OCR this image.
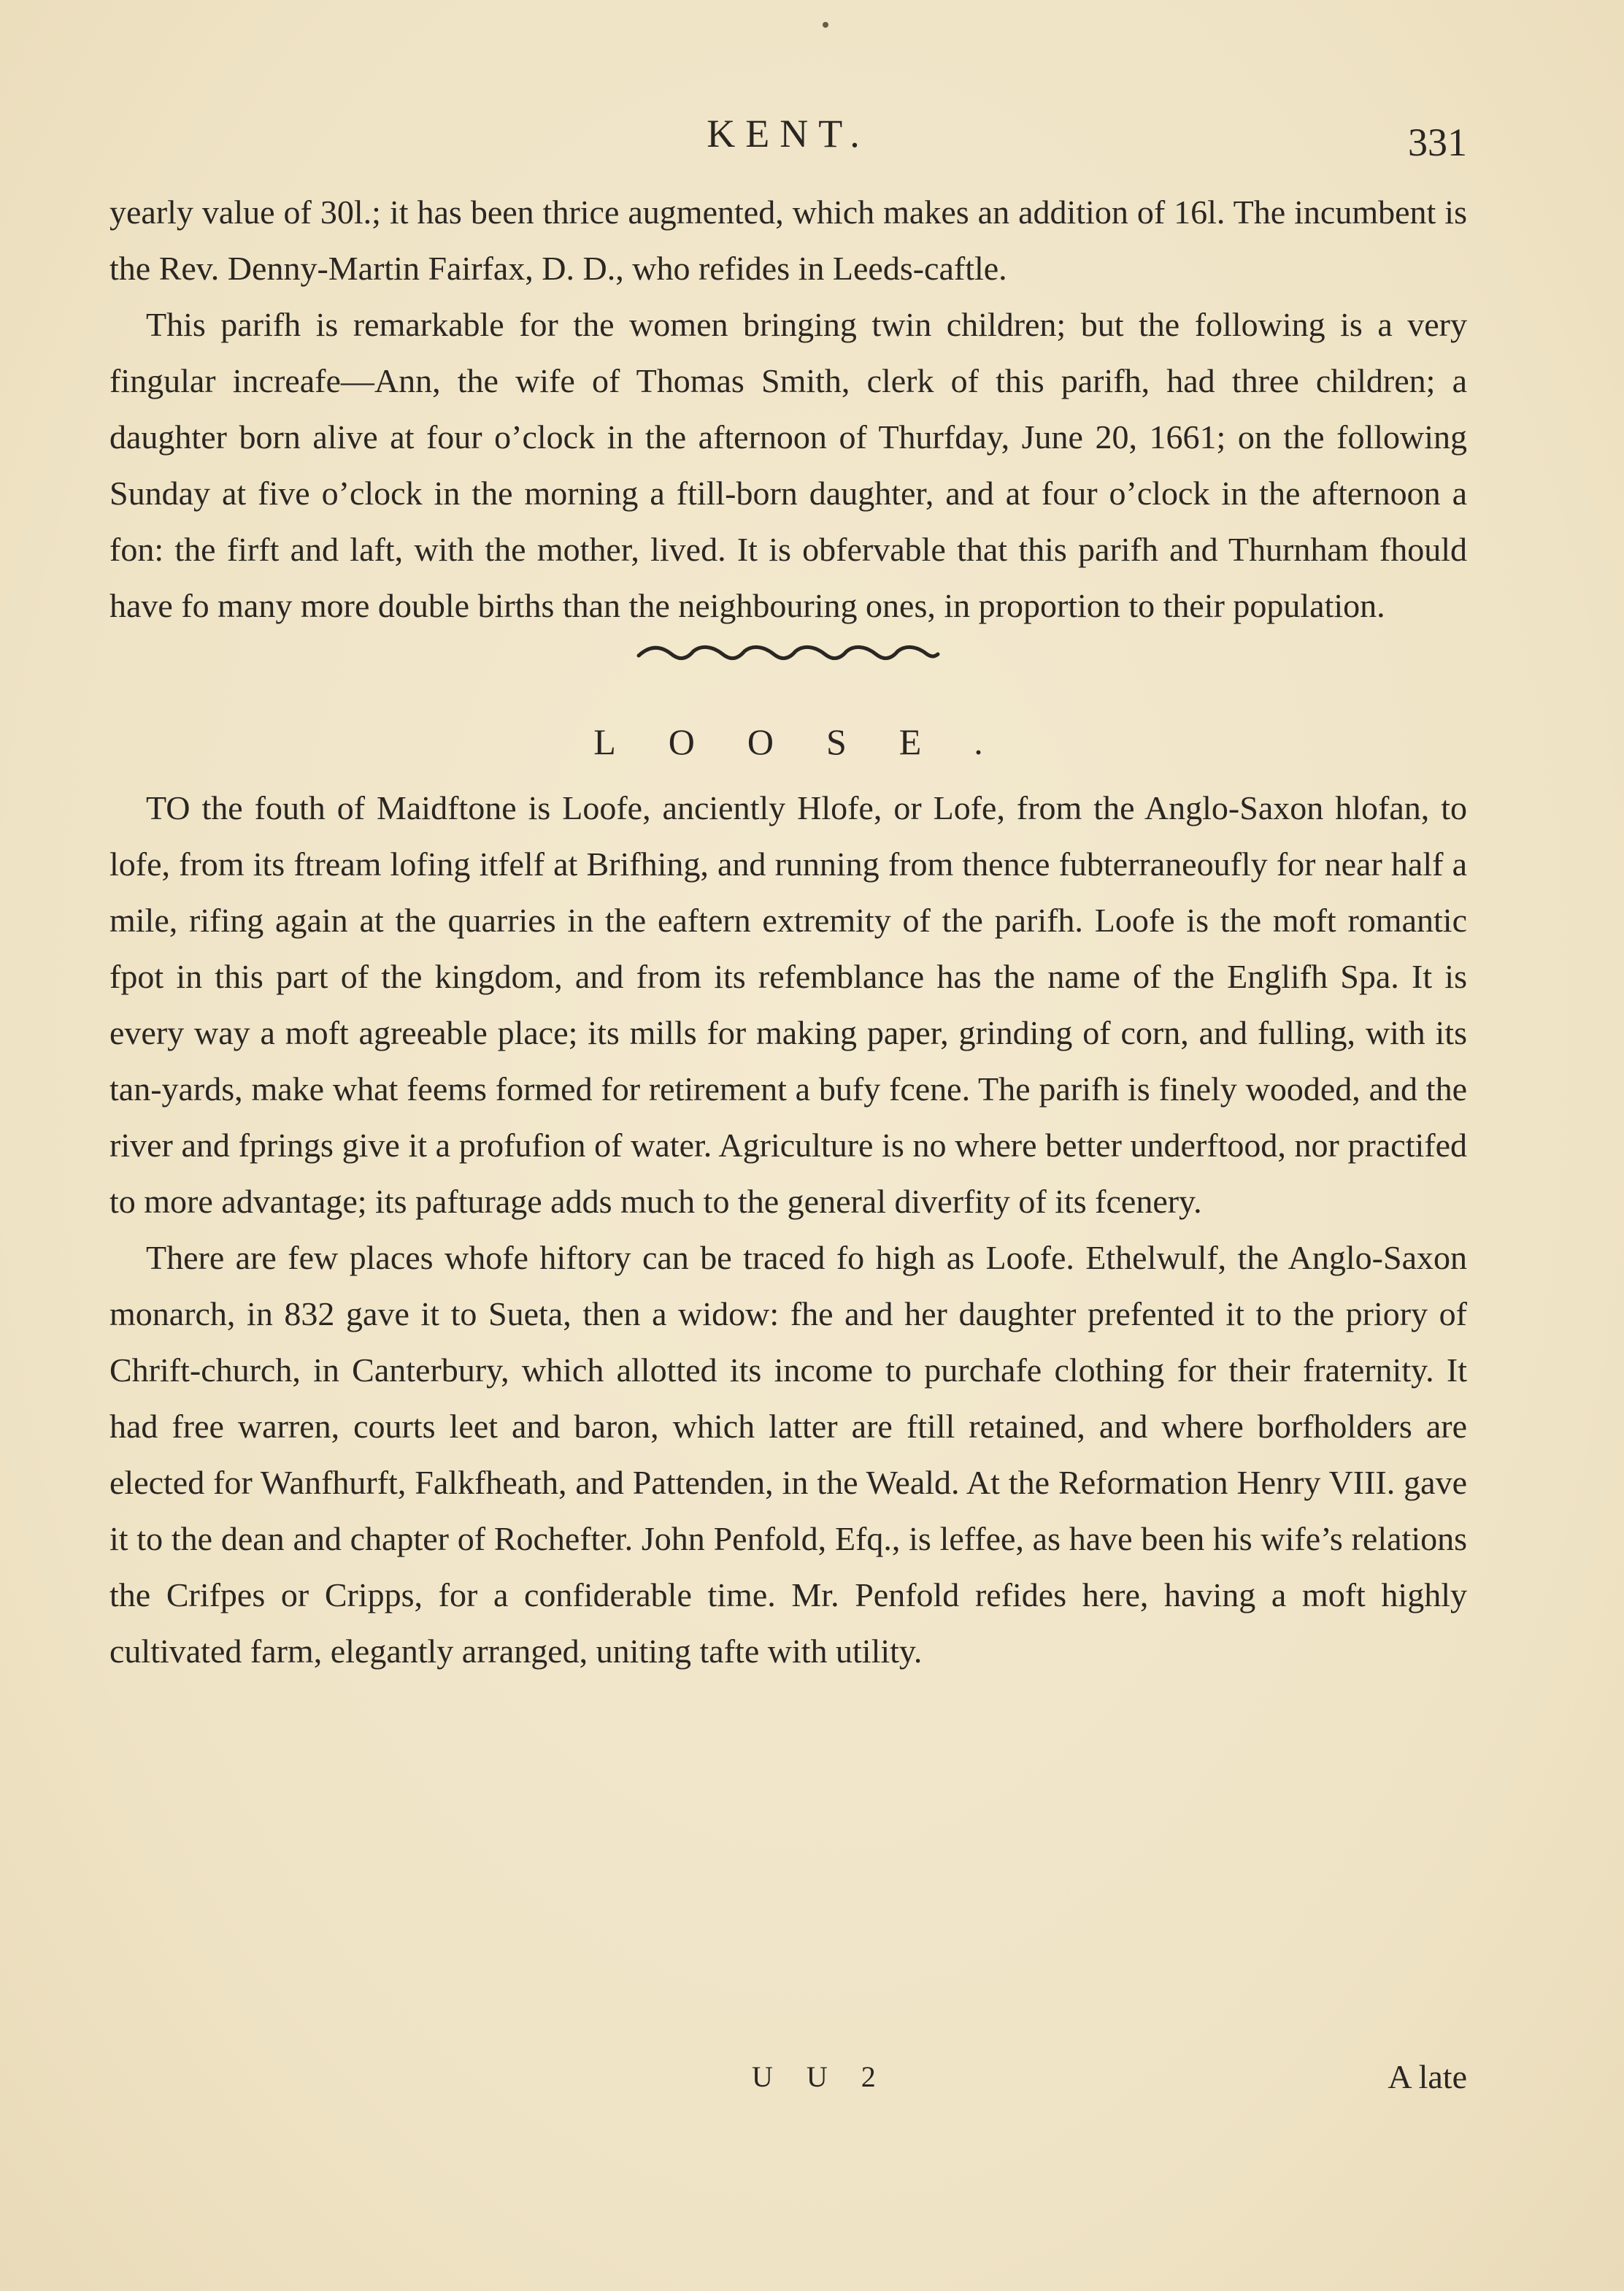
KENT.	331

yearly value of 30l.; it has been thrice augmented, which makes an addition of 16l. The incumbent is the Rev. Denny-Martin Fairfax, D. D., who refides in Leeds-caftle.

This parifh is remarkable for the women bringing twin children; but the following is a very fingular increafe—Ann, the wife of Thomas Smith, clerk of this parifh, had three children; a daughter born alive at four o’clock in the afternoon of Thurfday, June 20, 1661; on the following Sunday at five o’clock in the morning a ftill-born daughter, and at four o’clock in the afternoon a fon: the firft and laft, with the mother, lived. It is obfervable that this parifh and Thurnham fhould have fo many more double births than the neighbouring ones, in proportion to their population.

LOOSE.

TO the fouth of Maidftone is Loofe, anciently Hlofe, or Lofe, from the Anglo-Saxon hlofan, to lofe, from its ftream lofing itfelf at Brifhing, and running from thence fubterraneoufly for near half a mile, rifing again at the quarries in the eaftern extremity of the parifh. Loofe is the moft romantic fpot in this part of the kingdom, and from its refemblance has the name of the Englifh Spa. It is every way a moft agreeable place; its mills for making paper, grinding of corn, and fulling, with its tan-yards, make what feems formed for retirement a bufy fcene. The parifh is finely wooded, and the river and fprings give it a profufion of water. Agriculture is no where better underftood, nor practifed to more advantage; its pafturage adds much to the general diverfity of its fcenery.

There are few places whofe hiftory can be traced fo high as Loofe. Ethelwulf, the Anglo-Saxon monarch, in 832 gave it to Sueta, then a widow: fhe and her daughter prefented it to the priory of Chrift-church, in Canterbury, which allotted its income to purchafe clothing for their fraternity. It had free warren, courts leet and baron, which latter are ftill retained, and where borfholders are elected for Wanfhurft, Falkfheath, and Pattenden, in the Weald. At the Reformation Henry VIII. gave it to the dean and chapter of Rochefter. John Penfold, Efq., is leffee, as have been his wife’s relations the Crifpes or Cripps, for a confiderable time. Mr. Penfold refides here, having a moft highly cultivated farm, elegantly arranged, uniting tafte with utility.

U U 2	A late
